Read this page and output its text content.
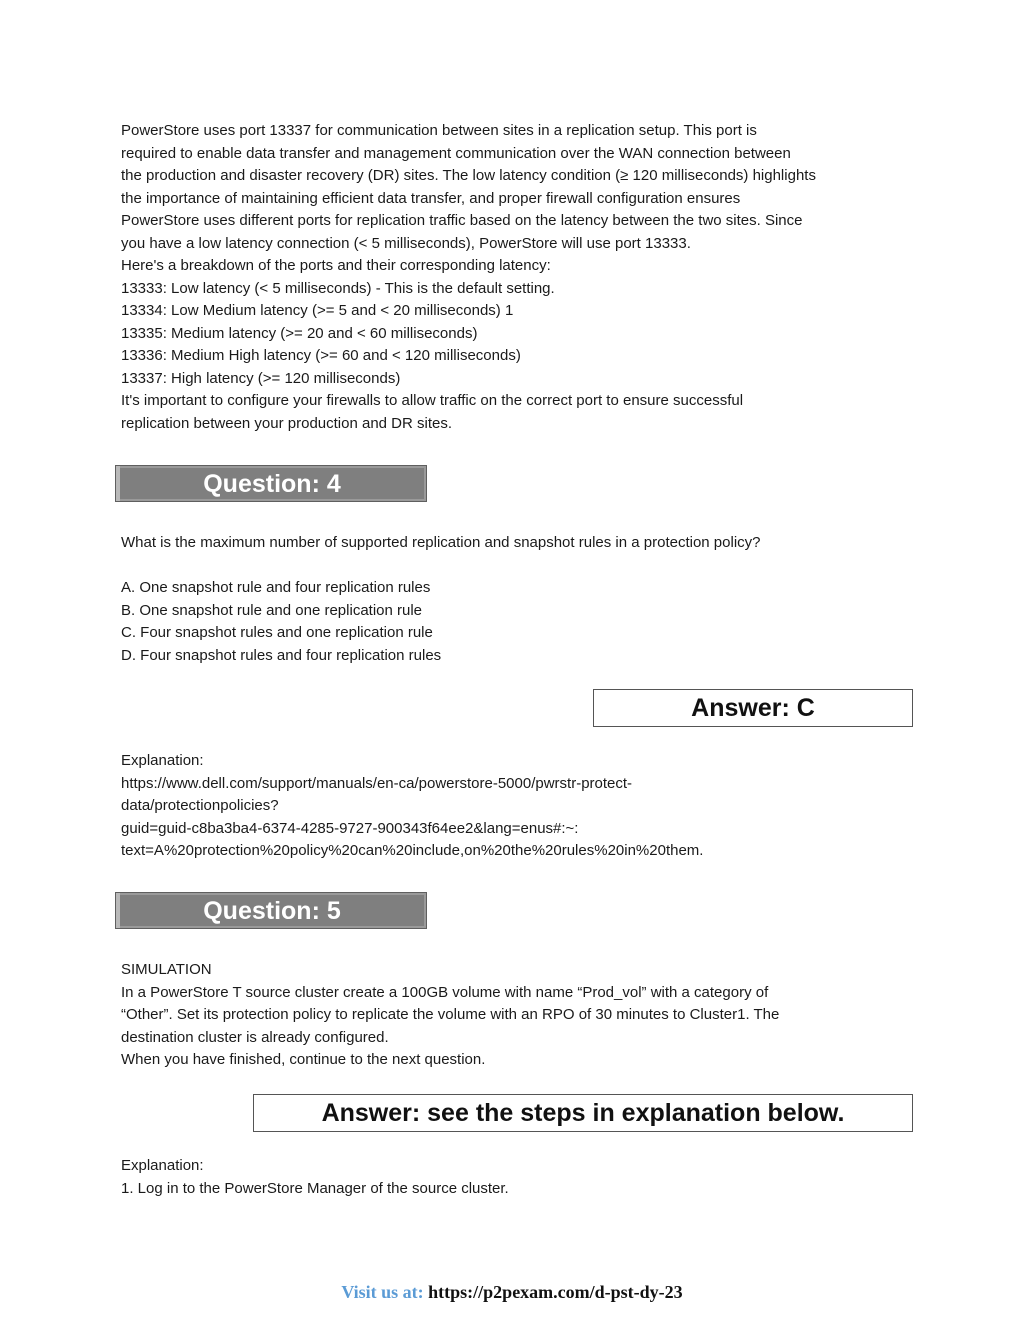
PowerStore uses port 13337 for communication between sites in a replication setup. This port is
required to enable data transfer and management communication over the WAN connection between
the production and disaster recovery (DR) sites. The low latency condition (≥ 120 milliseconds) highlights
the importance of maintaining efficient data transfer, and proper firewall configuration ensures
PowerStore uses different ports for replication traffic based on the latency between the two sites. Since
you have a low latency connection (< 5 milliseconds), PowerStore will use port 13333.
Here's a breakdown of the ports and their corresponding latency:
13333: Low latency (< 5 milliseconds) - This is the default setting.
13334: Low Medium latency (>= 5 and < 20 milliseconds) 1
13335: Medium latency (>= 20 and < 60 milliseconds)
13336: Medium High latency (>= 60 and < 120 milliseconds)
13337: High latency (>= 120 milliseconds)
It's important to configure your firewalls to allow traffic on the correct port to ensure successful
replication between your production and DR sites.
Question: 4
What is the maximum number of supported replication and snapshot rules in a protection policy?
A. One snapshot rule and four replication rules
B. One snapshot rule and one replication rule
C. Four snapshot rules and one replication rule
D. Four snapshot rules and four replication rules
Answer: C
Explanation:
https://www.dell.com/support/manuals/en-ca/powerstore-5000/pwrstr-protect-
data/protectionpolicies?
guid=guid-c8ba3ba4-6374-4285-9727-900343f64ee2&lang=enus#:~:
text=A%20protection%20policy%20can%20include,on%20the%20rules%20in%20them.
Question: 5
SIMULATION
In a PowerStore T source cluster create a 100GB volume with name “Prod_vol” with a category of
“Other”. Set its protection policy to replicate the volume with an RPO of 30 minutes to Cluster1. The
destination cluster is already configured.
When you have finished, continue to the next question.
Answer: see the steps in explanation below.
Explanation:
1. Log in to the PowerStore Manager of the source cluster.
Visit us at: https://p2pexam.com/d-pst-dy-23
